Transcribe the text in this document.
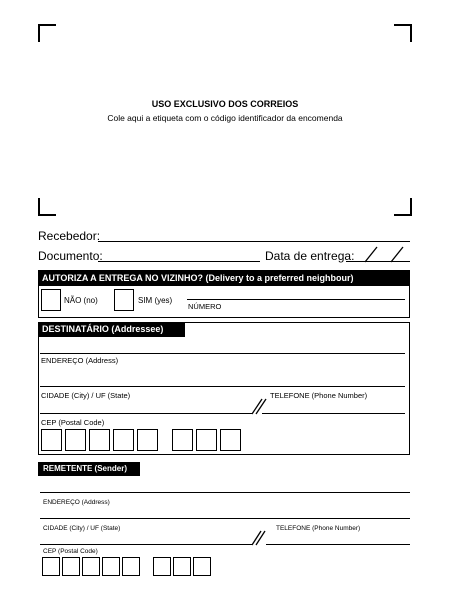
USO EXCLUSIVO DOS CORREIOS
Cole aqui a etiqueta com o código identificador da encomenda
Recebedor:
Documento:	Data de entrega:
AUTORIZA A ENTREGA NO VIZINHO? (Delivery to a preferred neighbour)
NÃO (no)	SIM (yes)
NÚMERO
DESTINATÁRIO (Addressee)
ENDEREÇO (Address)
CIDADE (City) / UF (State)	TELEFONE (Phone Number)
CEP (Postal Code)
REMETENTE (Sender)
ENDEREÇO (Address)
CIDADE (City) / UF (State)	TELEFONE (Phone Number)
CEP (Postal Code)
